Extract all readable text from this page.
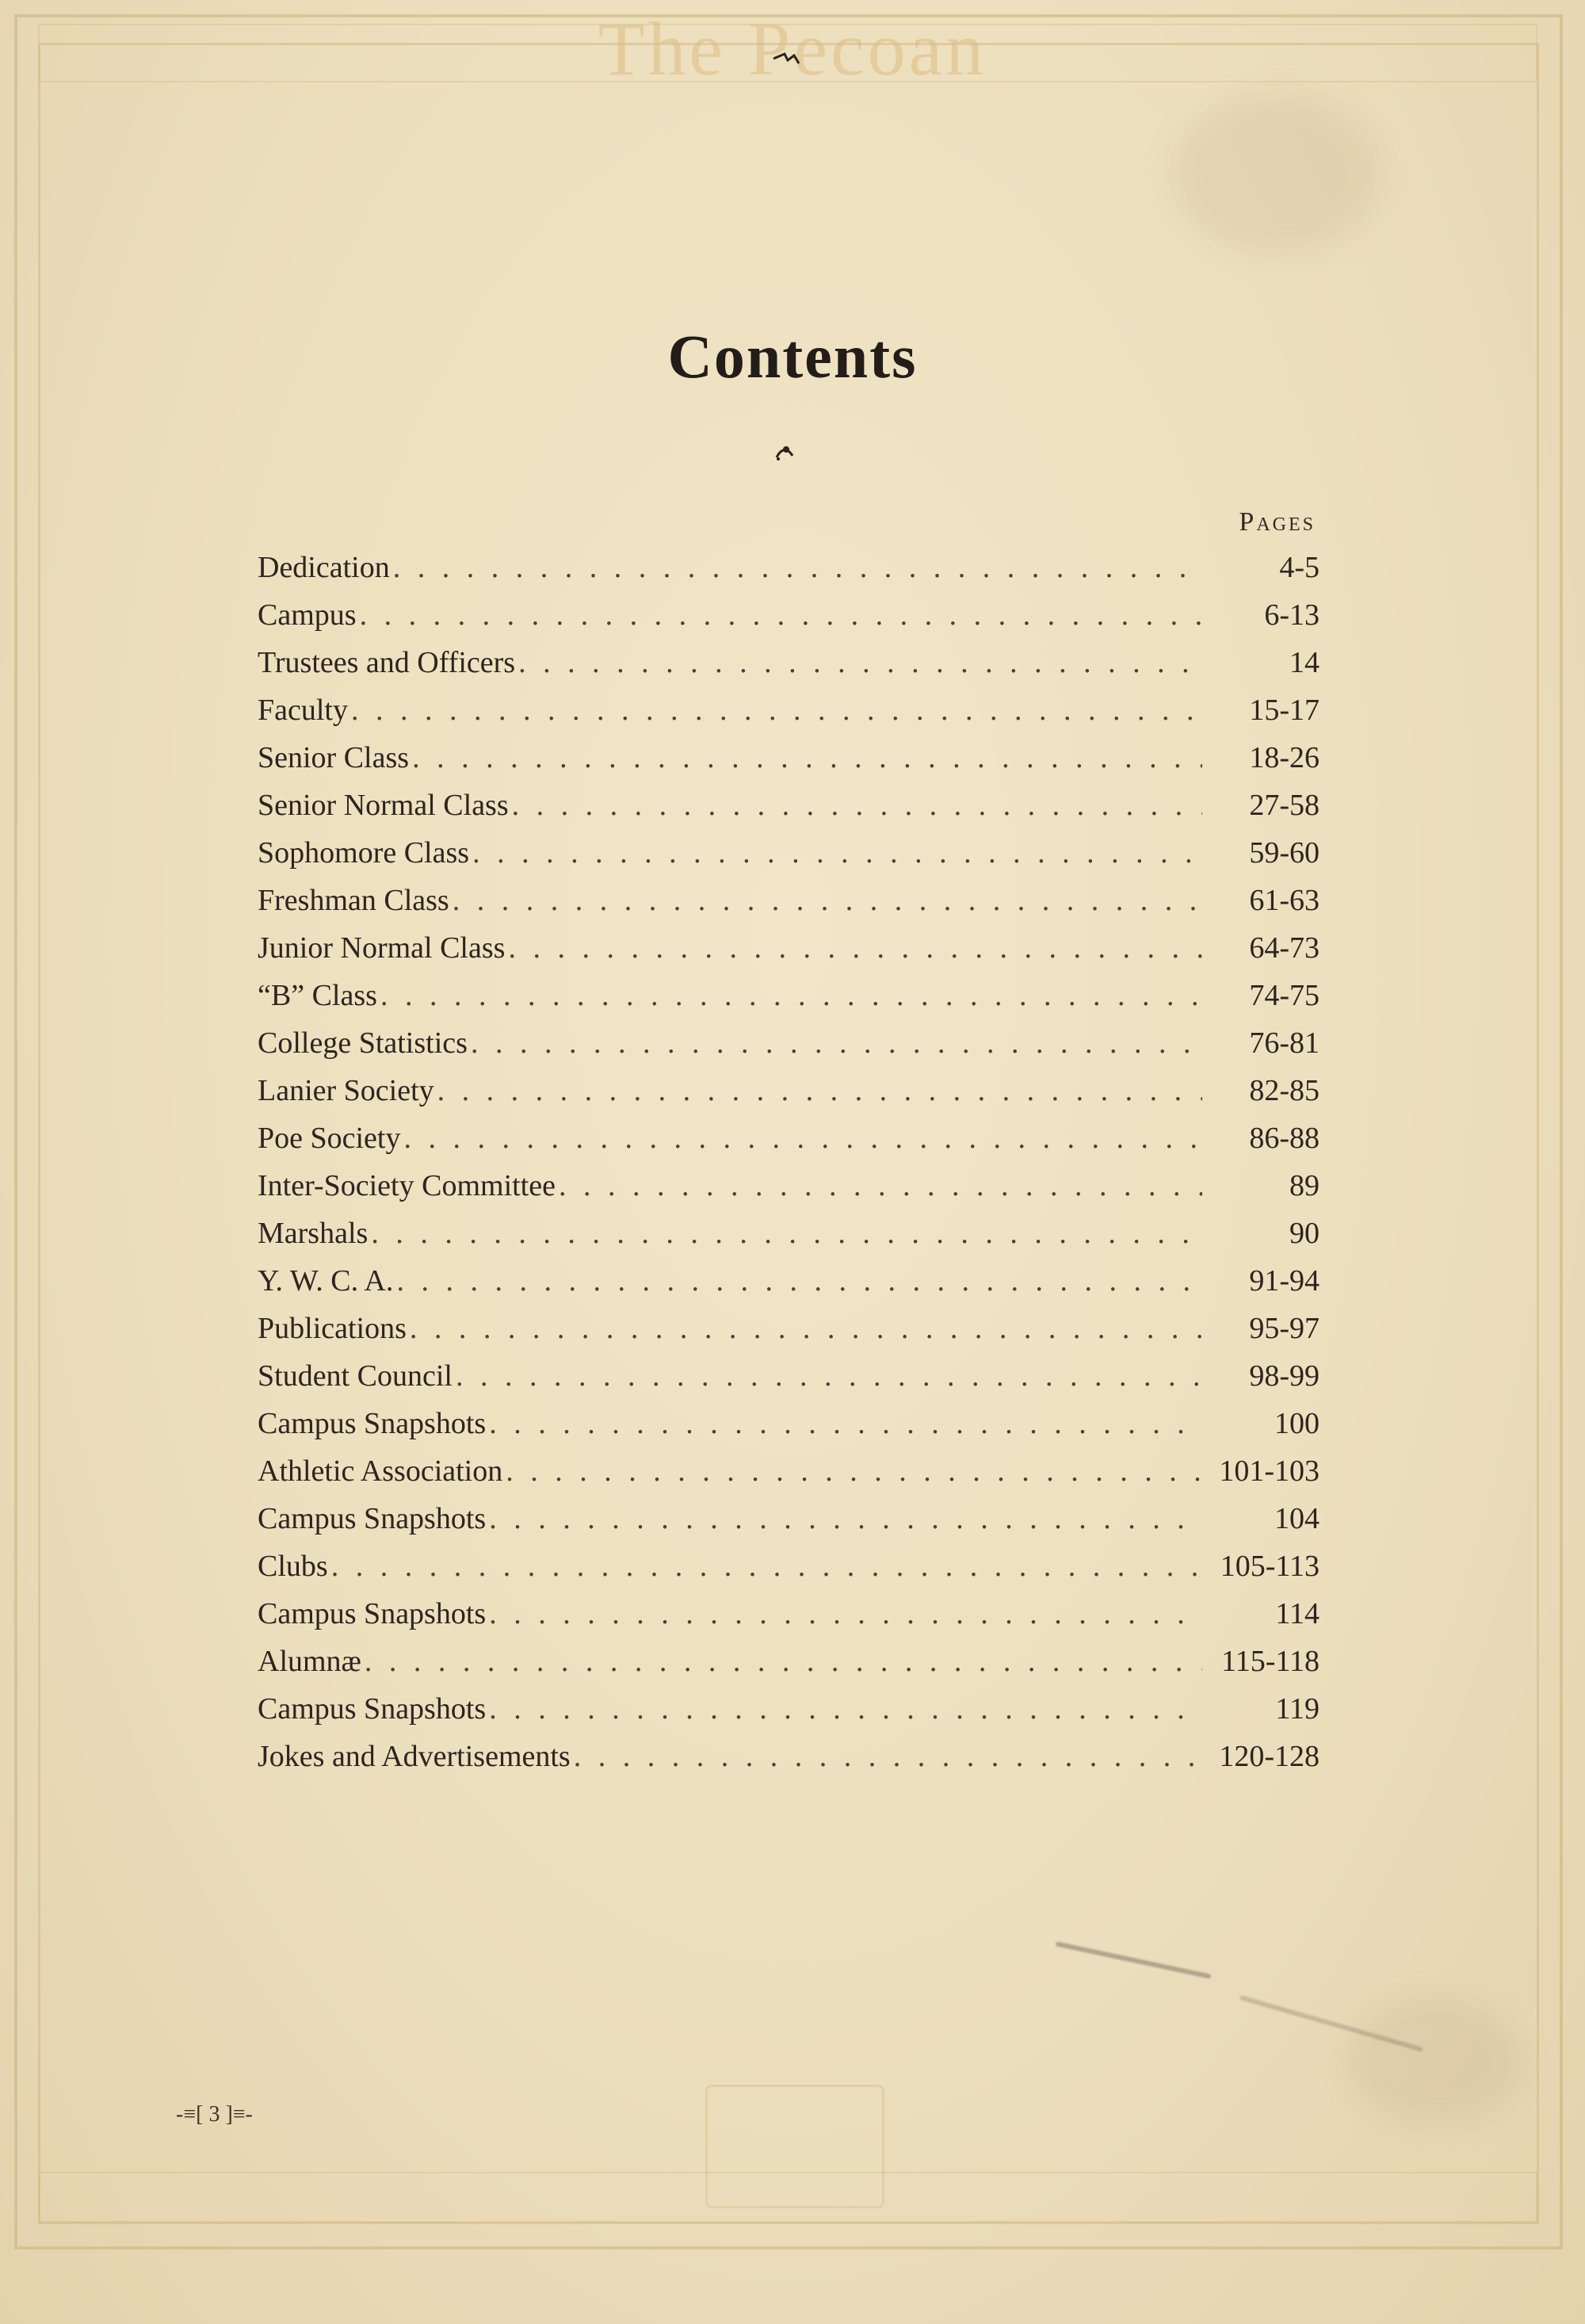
The Pecoan
Contents
Pages
Dedication . . .	4-5
Campus . . .	6-13
Trustees and Officers . . .	14
Faculty . . .	15-17
Senior Class . . .	18-26
Senior Normal Class . . .	27-58
Sophomore Class . . .	59-60
Freshman Class . . .	61-63
Junior Normal Class . . .	64-73
“B” Class . . .	74-75
College Statistics . . .	76-81
Lanier Society . . .	82-85
Poe Society . . .	86-88
Inter-Society Committee . . .	89
Marshals . . .	90
Y. W. C. A. . . .	91-94
Publications . . .	95-97
Student Council . . .	98-99
Campus Snapshots . . .	100
Athletic Association . . .	101-103
Campus Snapshots . . .	104
Clubs . . .	105-113
Campus Snapshots . . .	114
Alumnæ . . .	115-118
Campus Snapshots . . .	119
Jokes and Advertisements . . .	120-128
-≡[ 3 ]≡-
